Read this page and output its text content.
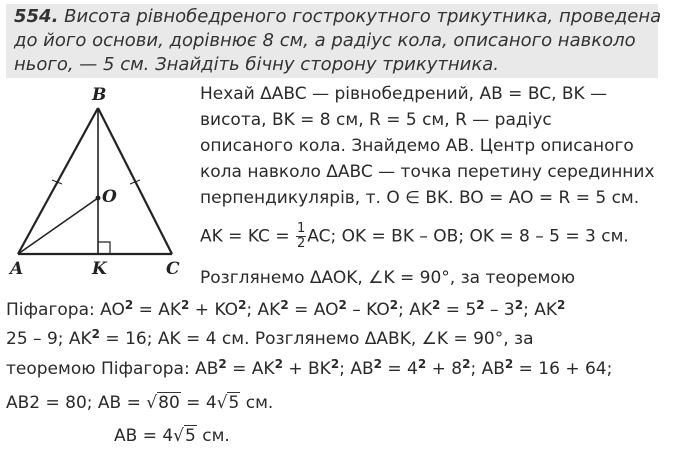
554. Висота рівнобедреного гострокутного трикутника, проведена
до його основи, дорівнює 8 см, а радіус кола, описаного навколо
нього, — 5 см. Знайдіть бічну сторону трикутника.
B
O
A	K	C
Нехай ΔABC — рівнобедрений, AB = BC, BK —
висота, BK = 8 см, R = 5 см, R — радіус
описаного кола. Знайдемо AB. Центр описаного
кола навколо ΔABC — точка перетину серединних
перпендикулярів, т. O ∈ BK. BO = AO = R = 5 см.
AK = KC = $\frac{1}{2}$ AC; OK = BK – OB; OK = 8 – 5 = 3 см.
Розглянемо ΔAOK, ∠K = 90°, за теоремою
Піфагора: $AO^2 = AK^2 + KO^2$; $AK^2 = AO^2 - KO^2$; $AK^2 = 5^2 - 3^2$; $AK^2$
25 – 9; $AK^2 = 16$; AK = 4 см. Розглянемо ΔABK, ∠K = 90°, за
теоремою Піфагора: $AB^2 = AK^2 + BK^2$; $AB^2 = 4^2 + 8^2$; $AB^2 = 16 + 64$;
AB2 = 80; AB = √80 = 4√5 см.
AB = 4√5 см.
